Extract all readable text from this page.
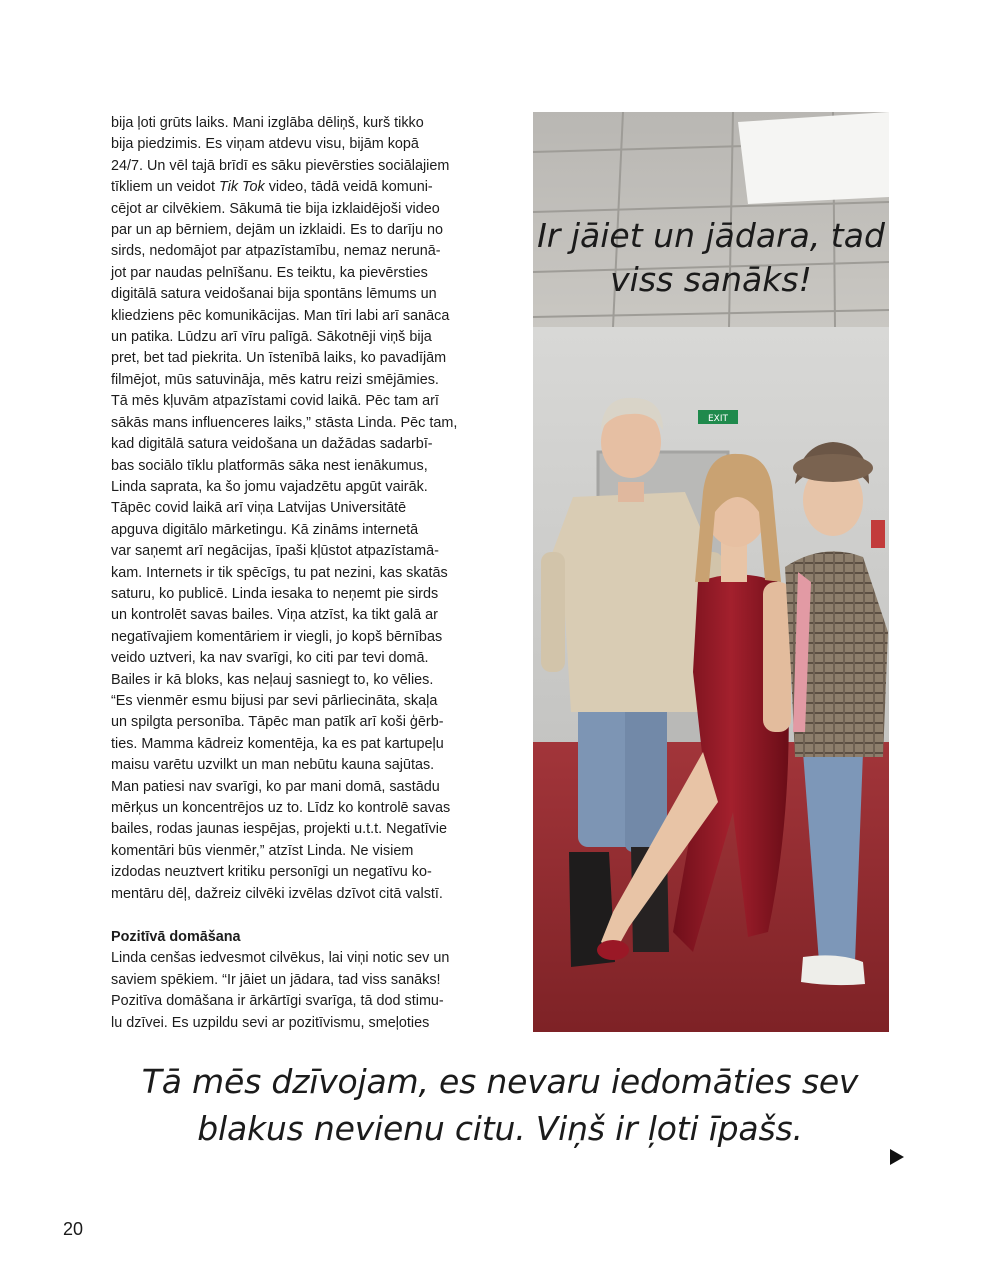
bija ļoti grūts laiks. Mani izglāba dēliņš, kurš tikko
bija piedzimis. Es viņam atdevu visu, bijām kopā
24/7. Un vēl tajā brīdī es sāku pievērsties sociālajiem
tīkliem un veidot Tik Tok video, tādā veidā komuni-
cējot ar cilvēkiem. Sākumā tie bija izklaidējoši video
par un ap bērniem, dejām un izklaidi. Es to darīju no
sirds, nedomājot par atpazīstamību, nemaz nerunā-
jot par naudas pelnīšanu. Es teiktu, ka pievērsties
digitālā satura veidošanai bija spontāns lēmums un
kliedziens pēc komunikācijas. Man tīri labi arī sanāca
un patika. Lūdzu arī vīru palīgā. Sākotnēji viņš bija
pret, bet tad piekrita. Un īstenībā laiks, ko pavadījām
filmējot, mūs satuvināja, mēs katru reizi smējāmies.
Tā mēs kļuvām atpazīstami covid laikā. Pēc tam arī
sākās mans influenceres laiks,” stāsta Linda. Pēc tam,
kad digitālā satura veidošana un dažādas sadarbī-
bas sociālo tīklu platformās sāka nest ienākumus,
Linda saprata, ka šo jomu vajadzētu apgūt vairāk.
Tāpēc covid laikā arī viņa Latvijas Universitātē
apguva digitālo mārketingu. Kā zināms internetā
var saņemt arī negācijas, īpaši kļūstot atpazīstamā-
kam. Internets ir tik spēcīgs, tu pat nezini, kas skatās
saturu, ko publicē. Linda iesaka to neņemt pie sirds
un kontrolēt savas bailes. Viņa atzīst, ka tikt galā ar
negatīvajiem komentāriem ir viegli, jo kopš bērnības
veido uztveri, ka nav svarīgi, ko citi par tevi domā.
Bailes ir kā bloks, kas neļauj sasniegt to, ko vēlies.
“Es vienmēr esmu bijusi par sevi pārliecināta, skaļa
un spilgta personība. Tāpēc man patīk arī koši ģērb-
ties. Mamma kādreiz komentēja, ka es pat kartupeļu
maisu varētu uzvilkt un man nebūtu kauna sajūtas.
Man patiesi nav svarīgi, ko par mani domā, sastādu
mērķus un koncentrējos uz to. Līdz ko kontrolē savas
bailes, rodas jaunas iespējas, projekti u.t.t. Negatīvie
komentāri būs vienmēr,” atzīst Linda. Ne visiem
izdodas neuztvert kritiku personīgi un negatīvu ko-
mentāru dēļ, dažreiz cilvēki izvēlas dzīvot citā valstī.

Pozitīvā domāšana

Linda cenšas iedvesmot cilvēkus, lai viņi notic sev un
saviem spēkiem. “Ir jāiet un jādara, tad viss sanāks!
Pozitīva domāšana ir ārkārtīgi svarīga, tā dod stimu-
lu dzīvei. Es uzpildu sevi ar pozitīvismu, smeļoties

EXIT
Ir jāiet un jādara, tad
viss sanāks!
Tā mēs dzīvojam, es nevaru iedomāties sev
blakus nevienu citu. Viņš ir ļoti īpašs.
20
